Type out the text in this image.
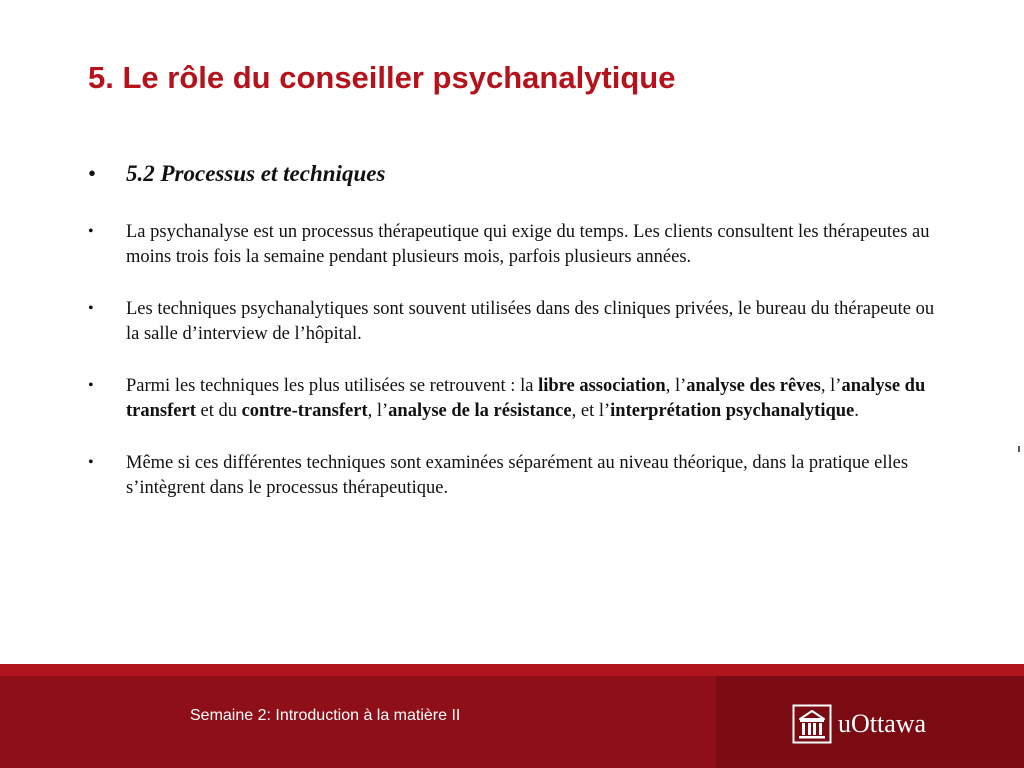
5. Le rôle du conseiller psychanalytique
• 5.2 Processus et techniques
• La psychanalyse est un processus thérapeutique qui exige du temps. Les clients consultent les thérapeutes au moins trois fois la semaine pendant plusieurs mois, parfois plusieurs années.
• Les techniques psychanalytiques sont souvent utilisées dans des cliniques privées, le bureau du thérapeute ou la salle d’interview de l’hôpital.
• Parmi les techniques les plus utilisées se retrouvent : la libre association, l’analyse des rêves, l’analyse du transfert et du contre-transfert, l’analyse de la résistance, et l’interprétation psychanalytique.
• Même si ces différentes techniques sont examinées séparément au niveau théorique, dans la pratique elles s’intègrent dans le processus thérapeutique.
Semaine 2: Introduction à la matière II	uOttawa
